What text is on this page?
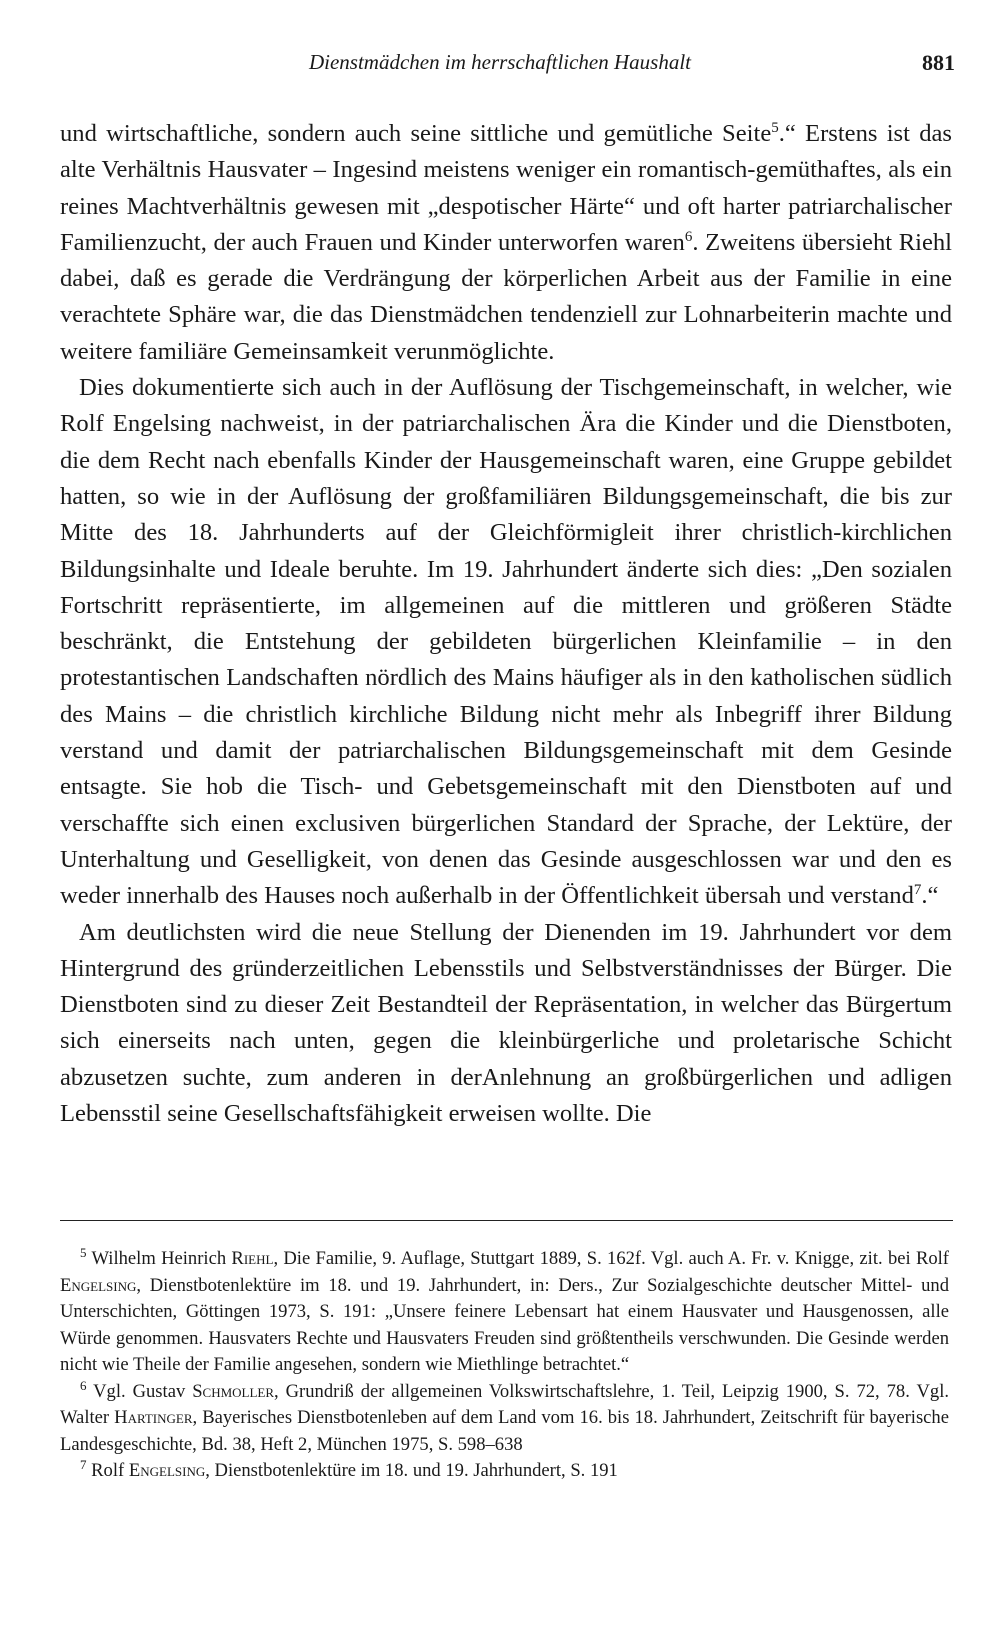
Dienstmädchen im herrschaftlichen Haushalt	881

und wirtschaftliche, sondern auch seine sittliche und gemütliche Seite$^5$.“ Erstens ist das alte Verhältnis Hausvater – Ingesind meistens weniger ein romantisch-gemüthaftes, als ein reines Machtverhältnis gewesen mit „despotischer Härte“ und oft harter patriarchalischer Familienzucht, der auch Frauen und Kinder unterworfen waren$^6$. Zweitens übersieht Riehl dabei, daß es gerade die Verdrängung der körperlichen Arbeit aus der Familie in eine verachtete Sphäre war, die das Dienstmädchen tendenziell zur Lohnarbeiterin machte und weitere familiäre Gemeinsamkeit verunmöglichte.

Dies dokumentierte sich auch in der Auflösung der Tischgemeinschaft, in welcher, wie Rolf Engelsing nachweist, in der patriarchalischen Ära die Kinder und die Dienstboten, die dem Recht nach ebenfalls Kinder der Hausgemeinschaft waren, eine Gruppe gebildet hatten, so wie in der Auflösung der großfamiliären Bildungsgemeinschaft, die bis zur Mitte des 18. Jahrhunderts auf der Gleichförmigleit ihrer christlich-kirchlichen Bildungsinhalte und Ideale beruhte. Im 19. Jahrhundert änderte sich dies: „Den sozialen Fortschritt repräsentierte, im allgemeinen auf die mittleren und größeren Städte beschränkt, die Entstehung der gebildeten bürgerlichen Kleinfamilie – in den protestantischen Landschaften nördlich des Mains häufiger als in den katholischen südlich des Mains – die christlich kirchliche Bildung nicht mehr als Inbegriff ihrer Bildung verstand und damit der patriarchalischen Bildungsgemeinschaft mit dem Gesinde entsagte. Sie hob die Tisch- und Gebetsgemeinschaft mit den Dienstboten auf und verschaffte sich einen exclusiven bürgerlichen Standard der Sprache, der Lektüre, der Unterhaltung und Geselligkeit, von denen das Gesinde ausgeschlossen war und den es weder innerhalb des Hauses noch außerhalb in der Öffentlichkeit übersah und verstand$^7$.“

Am deutlichsten wird die neue Stellung der Dienenden im 19. Jahrhundert vor dem Hintergrund des gründerzeitlichen Lebensstils und Selbstverständnisses der Bürger. Die Dienstboten sind zu dieser Zeit Bestandteil der Repräsentation, in welcher das Bürgertum sich einerseits nach unten, gegen die kleinbürgerliche und proletarische Schicht abzusetzen suchte, zum anderen in derAnlehnung an großbürgerlichen und adligen Lebensstil seine Gesellschaftsfähigkeit erweisen wollte. Die

$^5$ Wilhelm Heinrich Riehl, Die Familie, 9. Auflage, Stuttgart 1889, S. 162f. Vgl. auch A. Fr. v. Knigge, zit. bei Rolf Engelsing, Dienstbotenlektüre im 18. und 19. Jahrhundert, in: Ders., Zur Sozialgeschichte deutscher Mittel- und Unterschichten, Göttingen 1973, S. 191: „Unsere feinere Lebensart hat einem Hausvater und Hausgenossen, alle Würde genommen. Hausvaters Rechte und Hausvaters Freuden sind größtentheils verschwunden. Die Gesinde werden nicht wie Theile der Familie angesehen, sondern wie Miethlinge betrachtet.“

$^6$ Vgl. Gustav Schmoller, Grundriß der allgemeinen Volkswirtschaftslehre, 1. Teil, Leipzig 1900, S. 72, 78. Vgl. Walter Hartinger, Bayerisches Dienstbotenleben auf dem Land vom 16. bis 18. Jahrhundert, Zeitschrift für bayerische Landesgeschichte, Bd. 38, Heft 2, München 1975, S. 598–638

$^7$ Rolf Engelsing, Dienstbotenlektüre im 18. und 19. Jahrhundert, S. 191
